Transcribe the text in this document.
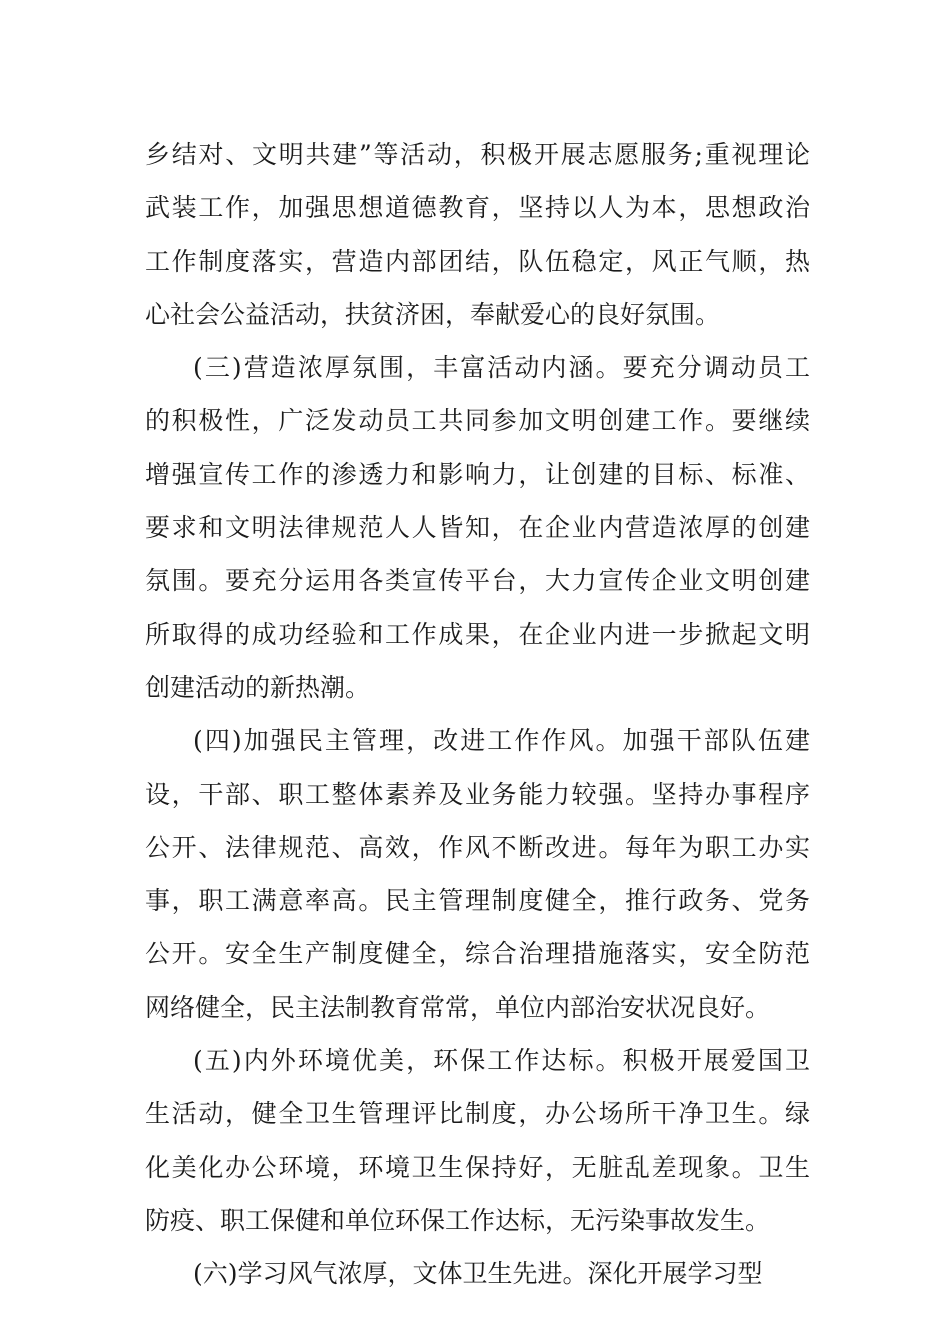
乡结对、文明共建”等活动，积极开展志愿服务;重视理论
武装工作，加强思想道德教育，坚持以人为本，思想政治
工作制度落实，营造内部团结，队伍稳定，风正气顺，热
心社会公益活动，扶贫济困，奉献爱心的良好氛围。
(三)营造浓厚氛围，丰富活动内涵。要充分调动员工
的积极性，广泛发动员工共同参加文明创建工作。要继续
增强宣传工作的渗透力和影响力，让创建的目标、标准、
要求和文明法律规范人人皆知，在企业内营造浓厚的创建
氛围。要充分运用各类宣传平台，大力宣传企业文明创建
所取得的成功经验和工作成果，在企业内进一步掀起文明
创建活动的新热潮。
(四)加强民主管理，改进工作作风。加强干部队伍建
设，干部、职工整体素养及业务能力较强。坚持办事程序
公开、法律规范、高效，作风不断改进。每年为职工办实
事，职工满意率高。民主管理制度健全，推行政务、党务
公开。安全生产制度健全，综合治理措施落实，安全防范
网络健全，民主法制教育常常，单位内部治安状况良好。
(五)内外环境优美，环保工作达标。积极开展爱国卫
生活动，健全卫生管理评比制度，办公场所干净卫生。绿
化美化办公环境，环境卫生保持好，无脏乱差现象。卫生
防疫、职工保健和单位环保工作达标，无污染事故发生。
(六)学习风气浓厚，文体卫生先进。深化开展学习型
